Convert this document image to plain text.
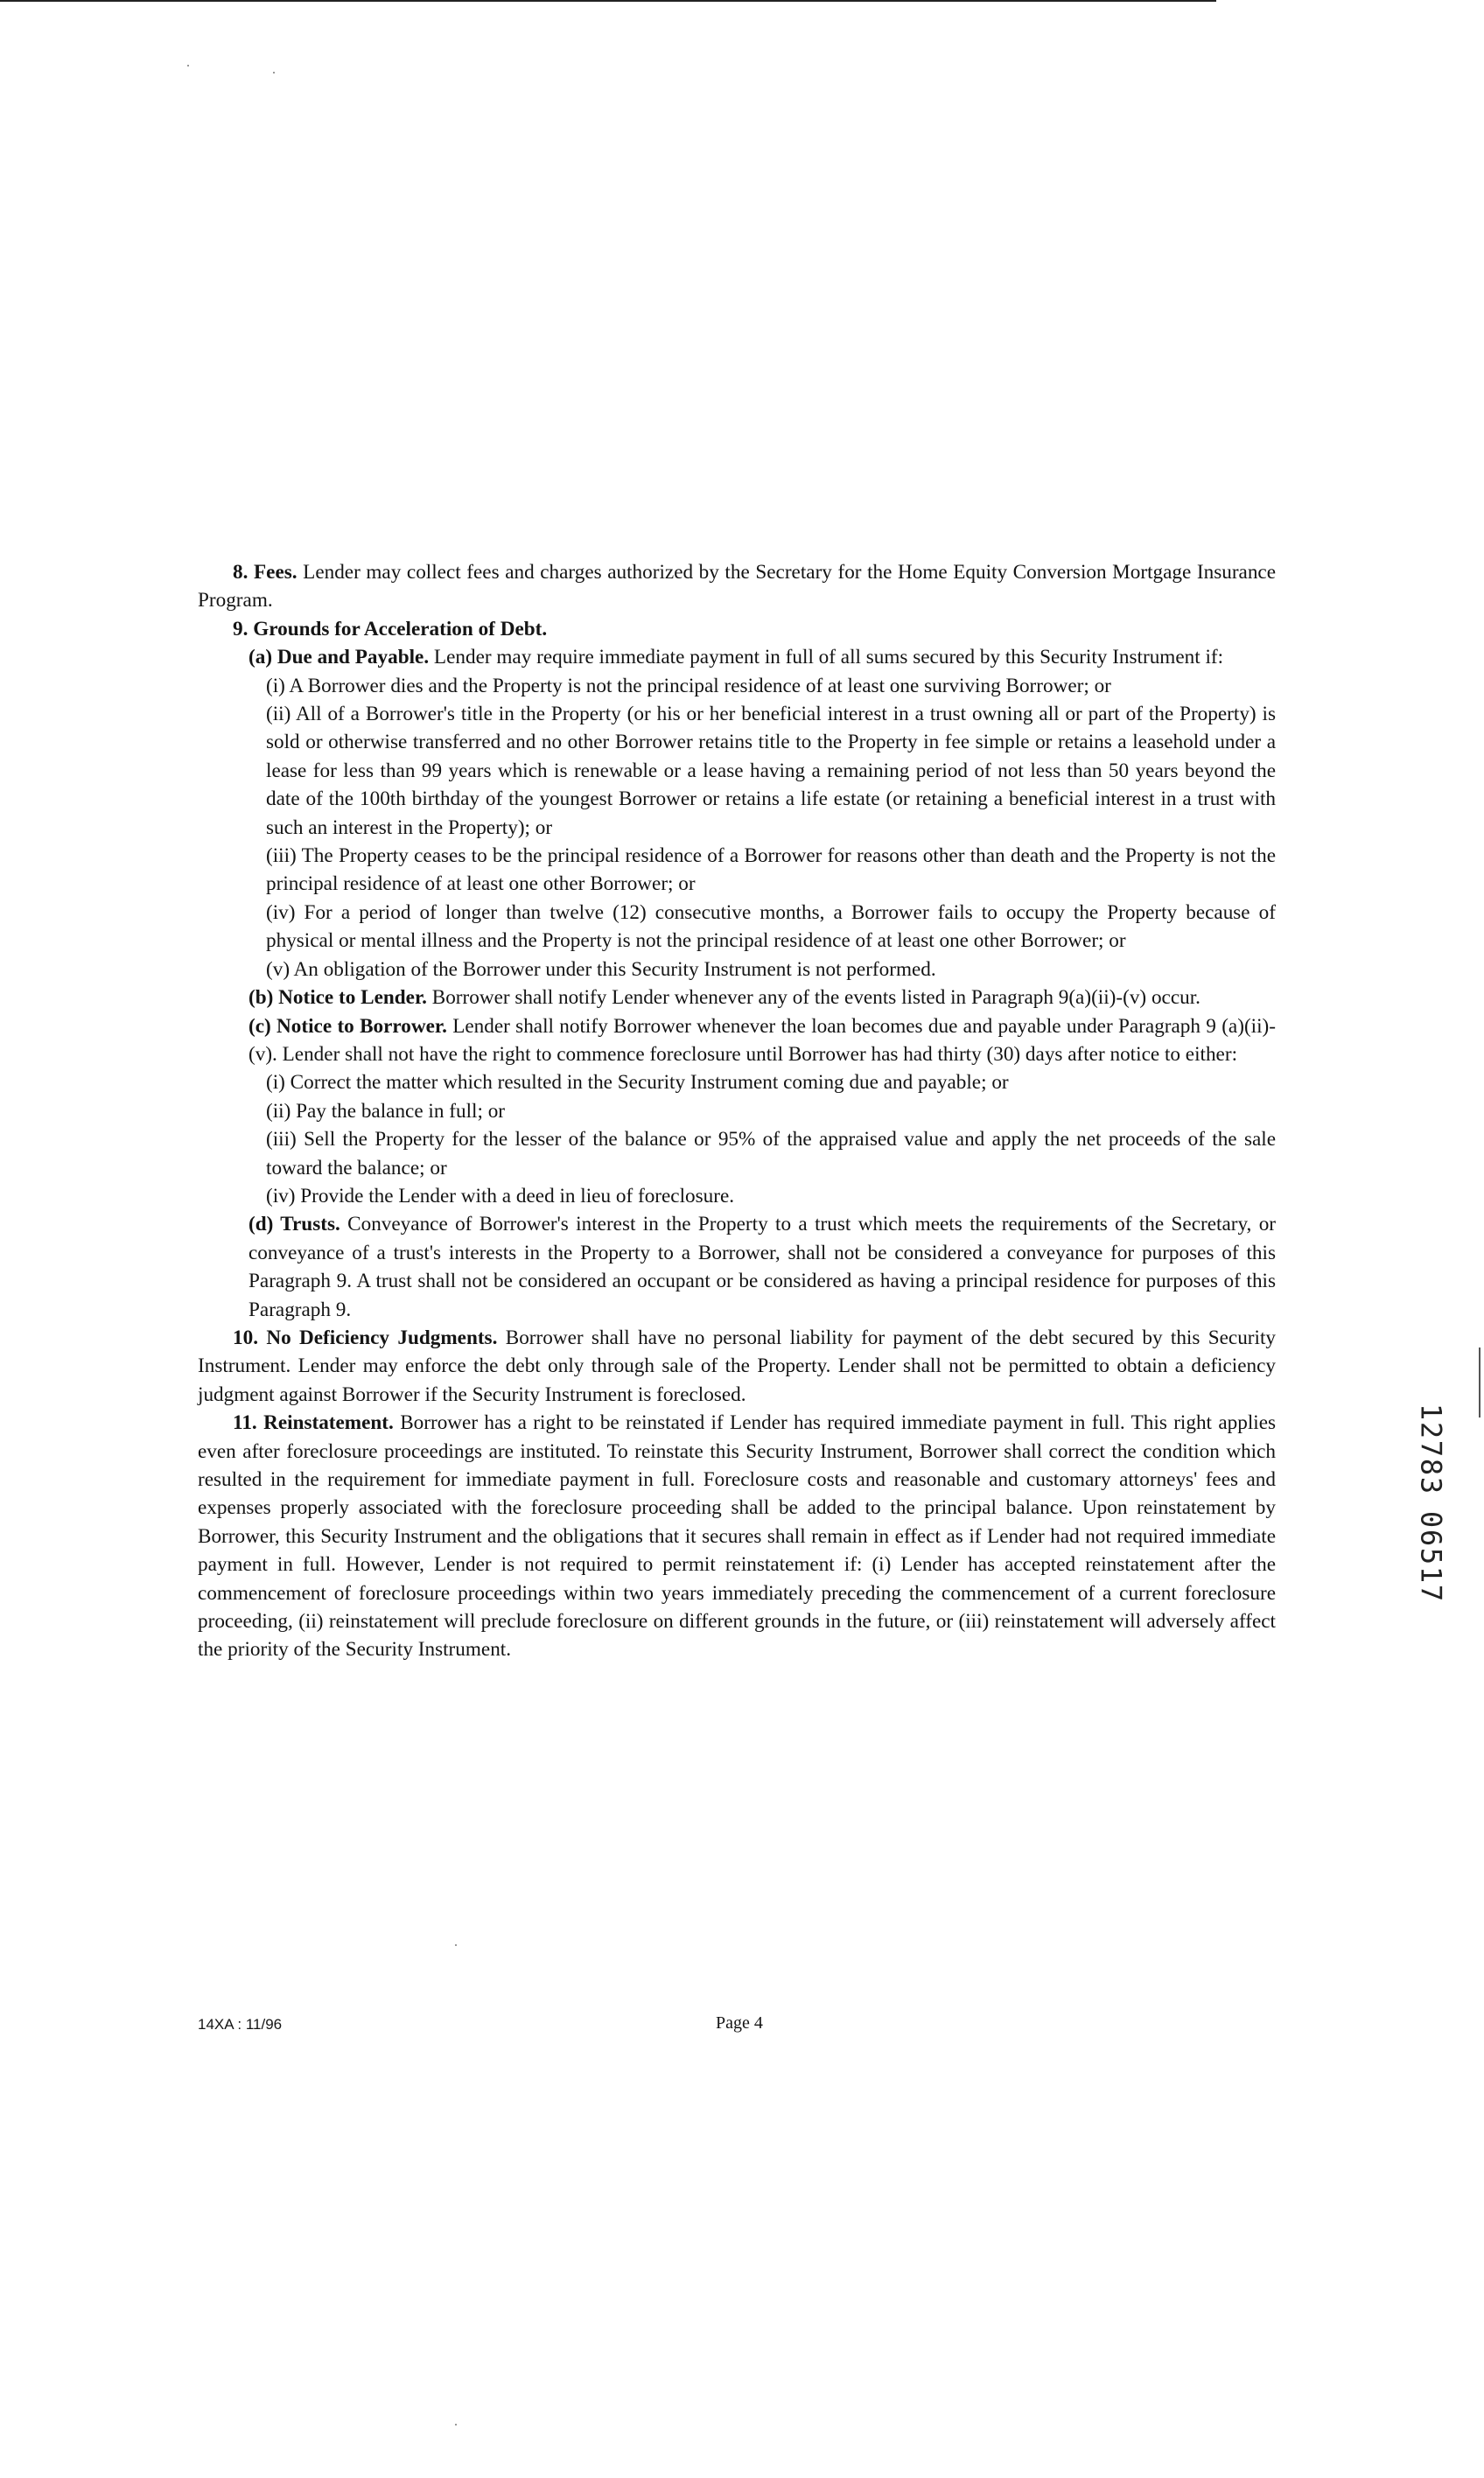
8. Fees. Lender may collect fees and charges authorized by the Secretary for the Home Equity Conversion Mortgage Insurance Program.

9. Grounds for Acceleration of Debt.

(a) Due and Payable. Lender may require immediate payment in full of all sums secured by this Security Instrument if:

(i) A Borrower dies and the Property is not the principal residence of at least one surviving Borrower; or

(ii) All of a Borrower's title in the Property (or his or her beneficial interest in a trust owning all or part of the Property) is sold or otherwise transferred and no other Borrower retains title to the Property in fee simple or retains a leasehold under a lease for less than 99 years which is renewable or a lease having a remaining period of not less than 50 years beyond the date of the 100th birthday of the youngest Borrower or retains a life estate (or retaining a beneficial interest in a trust with such an interest in the Property); or

(iii) The Property ceases to be the principal residence of a Borrower for reasons other than death and the Property is not the principal residence of at least one other Borrower; or

(iv) For a period of longer than twelve (12) consecutive months, a Borrower fails to occupy the Property because of physical or mental illness and the Property is not the principal residence of at least one other Borrower; or

(v) An obligation of the Borrower under this Security Instrument is not performed.

(b) Notice to Lender. Borrower shall notify Lender whenever any of the events listed in Paragraph 9(a)(ii)-(v) occur.

(c) Notice to Borrower. Lender shall notify Borrower whenever the loan becomes due and payable under Paragraph 9 (a)(ii)-(v). Lender shall not have the right to commence foreclosure until Borrower has had thirty (30) days after notice to either:

(i) Correct the matter which resulted in the Security Instrument coming due and payable; or

(ii) Pay the balance in full; or

(iii) Sell the Property for the lesser of the balance or 95% of the appraised value and apply the net proceeds of the sale toward the balance; or

(iv) Provide the Lender with a deed in lieu of foreclosure.

(d) Trusts. Conveyance of Borrower's interest in the Property to a trust which meets the requirements of the Secretary, or conveyance of a trust's interests in the Property to a Borrower, shall not be considered a conveyance for purposes of this Paragraph 9. A trust shall not be considered an occupant or be considered as having a principal residence for purposes of this Paragraph 9.

10. No Deficiency Judgments. Borrower shall have no personal liability for payment of the debt secured by this Security Instrument. Lender may enforce the debt only through sale of the Property. Lender shall not be permitted to obtain a deficiency judgment against Borrower if the Security Instrument is foreclosed.

11. Reinstatement. Borrower has a right to be reinstated if Lender has required immediate payment in full. This right applies even after foreclosure proceedings are instituted. To reinstate this Security Instrument, Borrower shall correct the condition which resulted in the requirement for immediate payment in full. Foreclosure costs and reasonable and customary attorneys' fees and expenses properly associated with the foreclosure proceeding shall be added to the principal balance. Upon reinstatement by Borrower, this Security Instrument and the obligations that it secures shall remain in effect as if Lender had not required immediate payment in full. However, Lender is not required to permit reinstatement if: (i) Lender has accepted reinstatement after the commencement of foreclosure proceedings within two years immediately preceding the commencement of a current foreclosure proceeding, (ii) reinstatement will preclude foreclosure on different grounds in the future, or (iii) reinstatement will adversely affect the priority of the Security Instrument.

14XA : 11/96	Page 4
1
2
7
8
3
0
6
5
1
7
